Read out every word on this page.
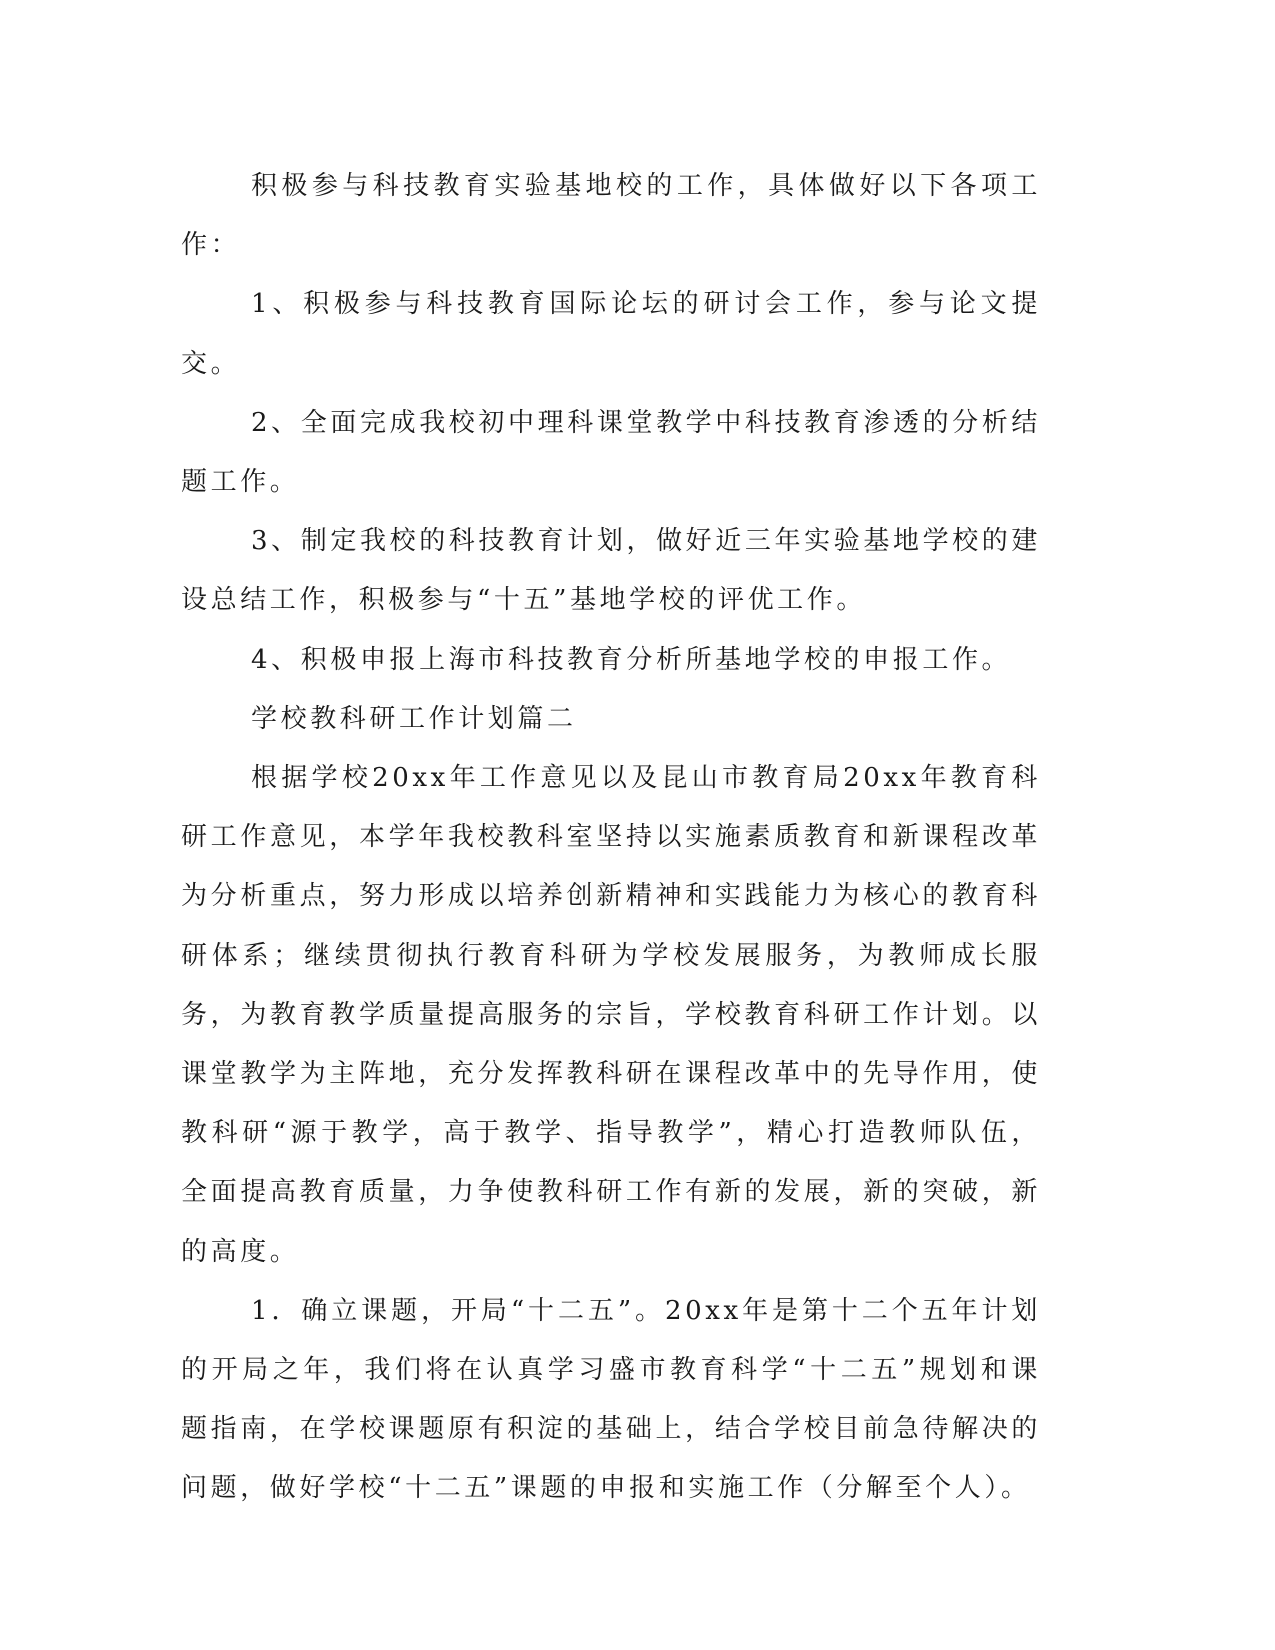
积极参与科技教育实验基地校的工作，具体做好以下各项工作：

1、积极参与科技教育国际论坛的研讨会工作，参与论文提交。

2、全面完成我校初中理科课堂教学中科技教育渗透的分析结题工作。

3、制定我校的科技教育计划，做好近三年实验基地学校的建设总结工作，积极参与“十五”基地学校的评优工作。

4、积极申报上海市科技教育分析所基地学校的申报工作。

学校教科研工作计划篇二

根据学校20xx年工作意见以及昆山市教育局20xx年教育科研工作意见，本学年我校教科室坚持以实施素质教育和新课程改革为分析重点，努力形成以培养创新精神和实践能力为核心的教育科研体系；继续贯彻执行教育科研为学校发展服务，为教师成长服务，为教育教学质量提高服务的宗旨，学校教育科研工作计划。以课堂教学为主阵地，充分发挥教科研在课程改革中的先导作用，使教科研“源于教学，高于教学、指导教学”，精心打造教师队伍，全面提高教育质量，力争使教科研工作有新的发展，新的突破，新的高度。

1．确立课题，开局“十二五”。20xx年是第十二个五年计划的开局之年，我们将在认真学习盛市教育科学“十二五”规划和课题指南，在学校课题原有积淀的基础上，结合学校目前急待解决的问题，做好学校“十二五”课题的申报和实施工作（分解至个人）。
